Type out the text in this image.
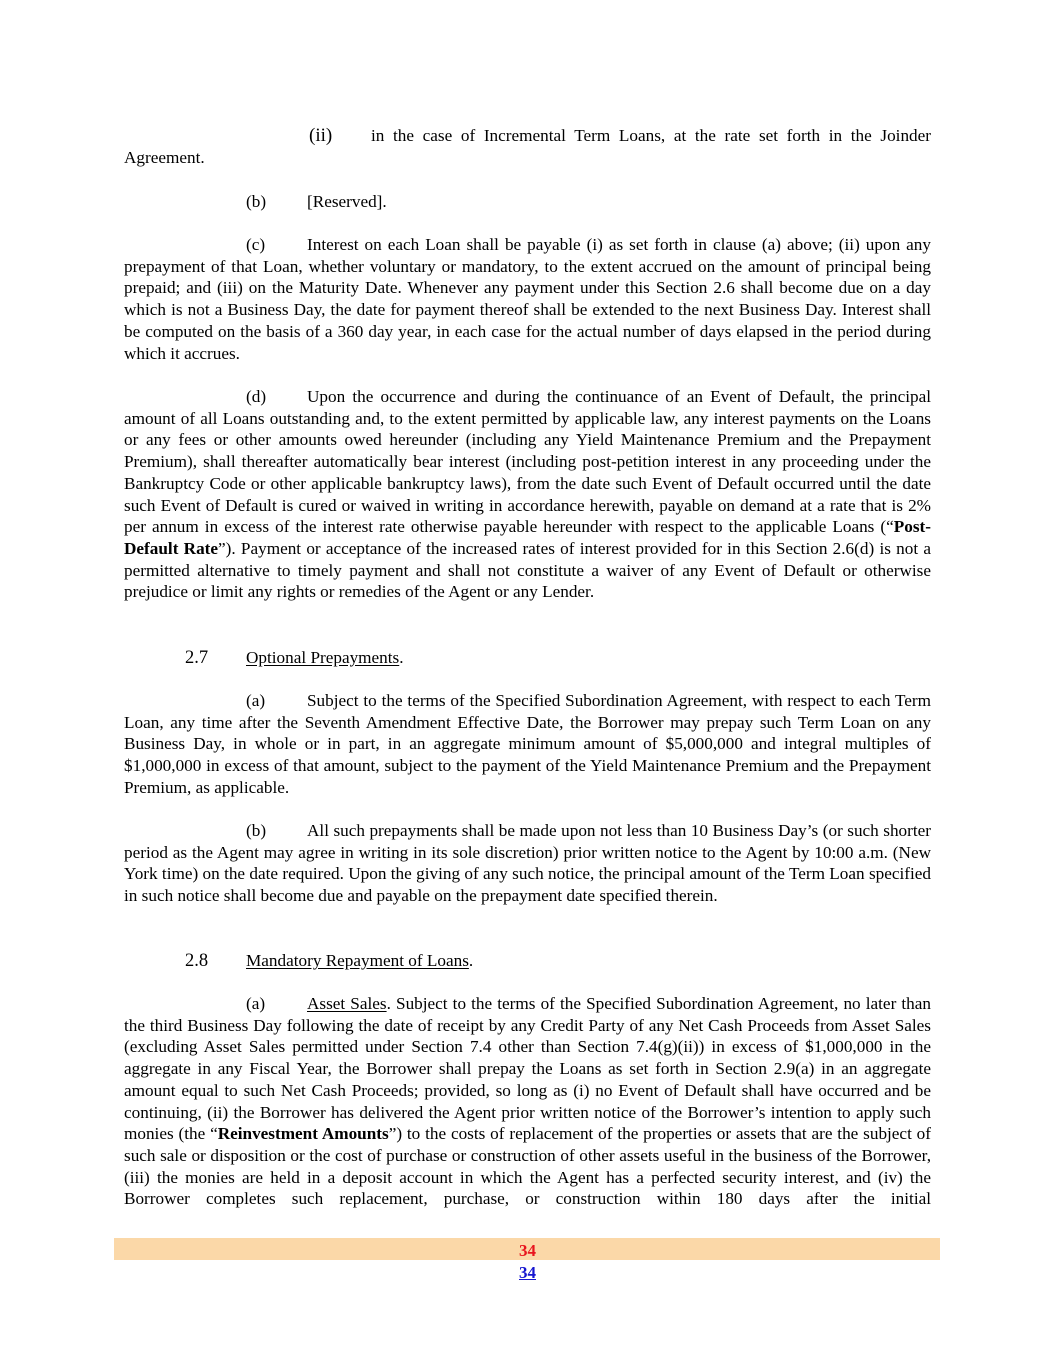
(ii) in the case of Incremental Term Loans, at the rate set forth in the Joinder Agreement.

(b) [Reserved].

(c) Interest on each Loan shall be payable (i) as set forth in clause (a) above; (ii) upon any prepayment of that Loan, whether voluntary or mandatory, to the extent accrued on the amount of principal being prepaid; and (iii) on the Maturity Date. Whenever any payment under this Section 2.6 shall become due on a day which is not a Business Day, the date for payment thereof shall be extended to the next Business Day. Interest shall be computed on the basis of a 360 day year, in each case for the actual number of days elapsed in the period during which it accrues.

(d) Upon the occurrence and during the continuance of an Event of Default, the principal amount of all Loans outstanding and, to the extent permitted by applicable law, any interest payments on the Loans or any fees or other amounts owed hereunder (including any Yield Maintenance Premium and the Prepayment Premium), shall thereafter automatically bear interest (including post-petition interest in any proceeding under the Bankruptcy Code or other applicable bankruptcy laws), from the date such Event of Default occurred until the date such Event of Default is cured or waived in writing in accordance herewith, payable on demand at a rate that is 2% per annum in excess of the interest rate otherwise payable hereunder with respect to the applicable Loans (“Post-Default Rate”). Payment or acceptance of the increased rates of interest provided for in this Section 2.6(d) is not a permitted alternative to timely payment and shall not constitute a waiver of any Event of Default or otherwise prejudice or limit any rights or remedies of the Agent or any Lender.

2.7 Optional Prepayments.

(a) Subject to the terms of the Specified Subordination Agreement, with respect to each Term Loan, any time after the Seventh Amendment Effective Date, the Borrower may prepay such Term Loan on any Business Day, in whole or in part, in an aggregate minimum amount of $5,000,000 and integral multiples of $1,000,000 in excess of that amount, subject to the payment of the Yield Maintenance Premium and the Prepayment Premium, as applicable.

(b) All such prepayments shall be made upon not less than 10 Business Day’s (or such shorter period as the Agent may agree in writing in its sole discretion) prior written notice to the Agent by 10:00 a.m. (New York time) on the date required. Upon the giving of any such notice, the principal amount of the Term Loan specified in such notice shall become due and payable on the prepayment date specified therein.

2.8 Mandatory Repayment of Loans.

(a) Asset Sales. Subject to the terms of the Specified Subordination Agreement, no later than the third Business Day following the date of receipt by any Credit Party of any Net Cash Proceeds from Asset Sales (excluding Asset Sales permitted under Section 7.4 other than Section 7.4(g)(ii)) in excess of $1,000,000 in the aggregate in any Fiscal Year, the Borrower shall prepay the Loans as set forth in Section 2.9(a) in an aggregate amount equal to such Net Cash Proceeds; provided, so long as (i) no Event of Default shall have occurred and be continuing, (ii) the Borrower has delivered the Agent prior written notice of the Borrower’s intention to apply such monies (the “Reinvestment Amounts”) to the costs of replacement of the properties or assets that are the subject of such sale or disposition or the cost of purchase or construction of other assets useful in the business of the Borrower, (iii) the monies are held in a deposit account in which the Agent has a perfected security interest, and (iv) the Borrower completes such replacement, purchase, or construction within 180 days after the initial

34
34
